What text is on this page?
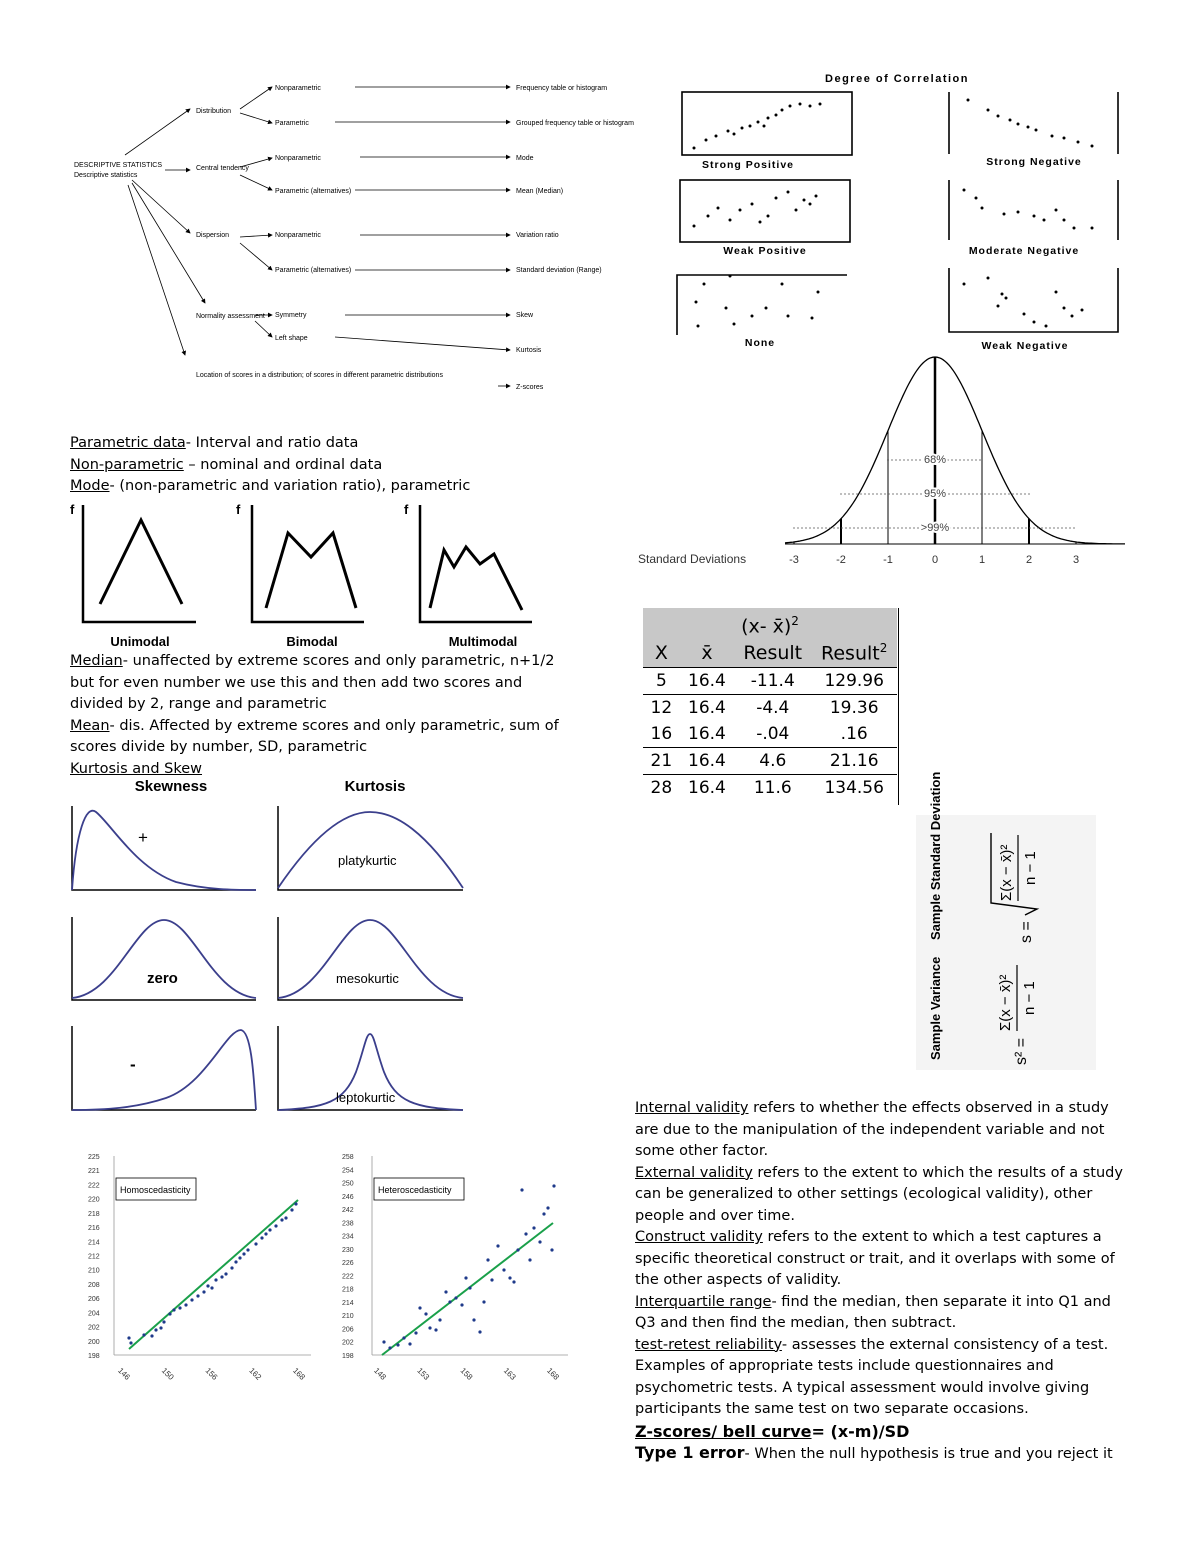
DESCRIPTIVE STATISTICS
Descriptive statistics
Distribution
Central tendency
Dispersion
Normality assessment
Nonparametric
Parametric
Nonparametric
Parametric (alternatives)
Nonparametric
Parametric (alternatives)
Symmetry
Left shape
Frequency table or histogram
Grouped frequency table or histogram
Mode
Mean (Median)
Variation ratio
Standard deviation (Range)
Skew
Kurtosis
Z-scores
Location of scores in a distribution; of scores in different parametric distributions

Parametric data- Interval and ratio data

Non-parametric – nominal and ordinal data

Mode- (non-parametric and variation ratio), parametric

f	f	f
Unimodal	Bimodal	Multimodal

Median- unaffected by extreme scores and only parametric, n+1/2 but for even number we use this and then add two scores and divided by 2, range and parametric

Mean- dis. Affected by extreme scores and only parametric, sum of scores divide by number, SD, parametric

Kurtosis and Skew

Skewness	Kurtosis
+
platykurtic
zero	mesokurtic
-
leptokurtic
225
221
222
220
218
216
214
212
210
208
206
204
202
200
198
Homoscedasticity
146	150	156	162	168
258
254
250
246
242
238
234
230
226
222
218
214
210
206
202
198
Heteroscedasticity
148	153	158	163	168
Degree of Correlation
Strong Positive	Strong Negative
Weak Positive	Moderate Negative
None	Weak Negative
68%
95%
>99%
Standard Deviations	-3	-2	-1	0	1	2	3
(x- x̄)$^2$
X	x̄	Result	Result$^2$
5	16.4	-11.4	129.96
12	16.4	-4.4	19.36
16	16.4	-.04	.16
21	16.4	4.6	21.16
28	16.4	11.6	134.56	Sample Standard Deviation	s =
Σ(x − x̄)² n − 1
Sample Variance	s² =
Σ(x − x̄)² n − 1

Internal validity refers to whether the effects observed in a study are due to the manipulation of the independent variable and not some other factor.

External validity refers to the extent to which the results of a study can be generalized to other settings (ecological validity), other people and over time.

Construct validity refers to the extent to which a test captures a specific theoretical construct or trait, and it overlaps with some of the other aspects of validity.

Interquartile range- find the median, then separate it into Q1 and Q3 and then find the median, then subtract.

test-retest reliability- assesses the external consistency of a test. Examples of appropriate tests include questionnaires and psychometric tests. A typical assessment would involve giving participants the same test on two separate occasions.

Z-scores/ bell curve= (x-m)/SD

Type 1 error- When the null hypothesis is true and you reject it
